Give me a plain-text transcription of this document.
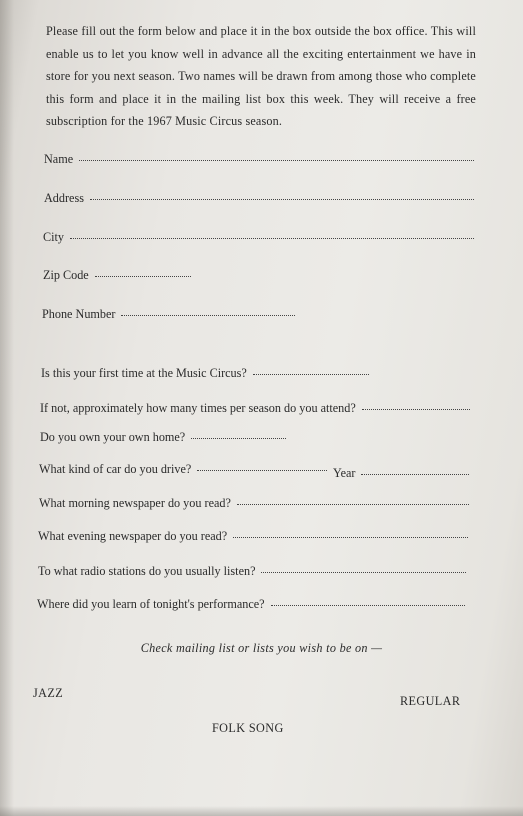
Please fill out the form below and place it in the box outside the box office. This will enable us to let you know well in advance all the exciting entertainment we have in store for you next season. Two names will be drawn from among those who complete this form and place it in the mailing list box this week. They will receive a free subscription for the 1967 Music Circus season.

Name
Address
City
Zip Code
Phone Number
Is this your first time at the Music Circus?
If not, approximately how many times per season do you attend?
Do you own your own home?
What kind of car do you drive?	Year
What morning newspaper do you read?
What evening newspaper do you read?
To what radio stations do you usually listen?
Where did you learn of tonight's performance?
Check mailing list or lists you wish to be on —
JAZZ
REGULAR
FOLK SONG
